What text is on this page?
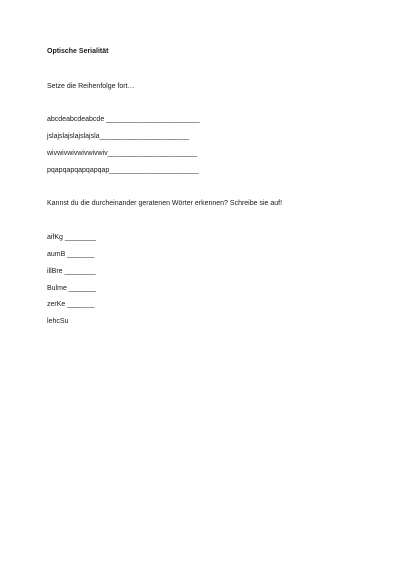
Optische Serialität
Setze die Reihenfolge fort…
abcdeabcdeabcde ________________________
jslajslajslajslajsla_______________________
wivwivwivwivwivwiv_______________________
pqapqapqapqapqap_______________________
Kannst du die durcheinander geratenen Wörter erkennen? Schreibe sie auf!
aifKg ________
aumB _______
illBre ________
Bulme _______
zerKe _______
lehcSu
